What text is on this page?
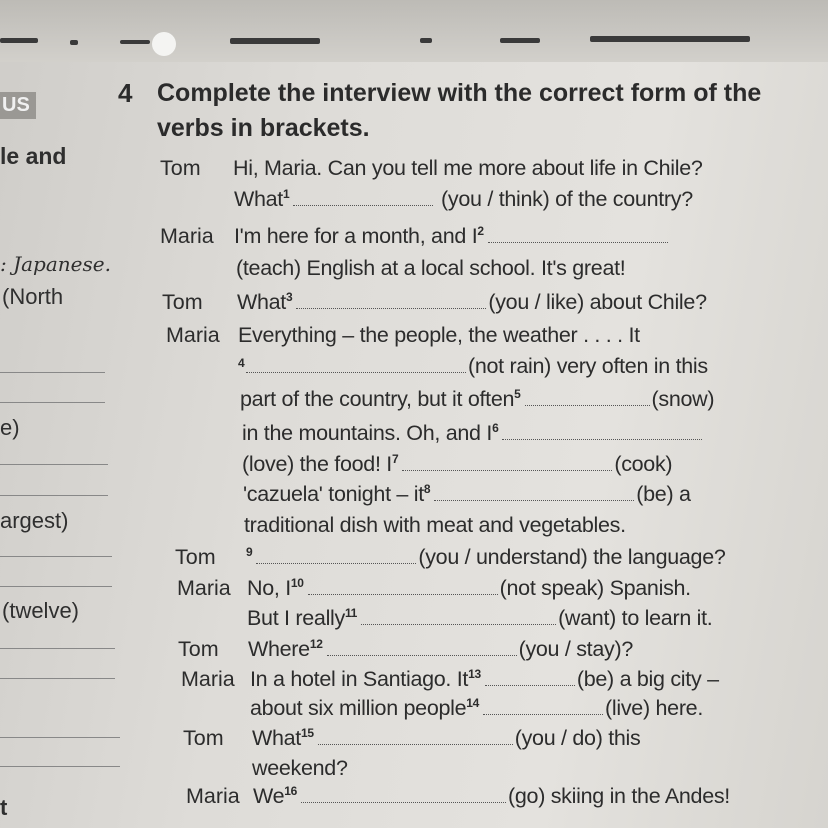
US
le and
: Japanese.
(North
e)
argest)
(twelve)
t
4 Complete the interview with the correct form of the
verbs in brackets.
Tom Hi, Maria. Can you tell me more about life in Chile?
What$^1$	(you / think) of the country?
Maria I'm here for a month, and $I^2$
(teach) English at a local school. It's great!
Tom What$^3$	(you / like) about Chile?
Maria Everything – the people, the weather . . . . It
4	(not rain) very often in this
part of the country, but it often$^5$	(snow)
in the mountains. Oh, and $I^6$
(love) the food! $I^7$	(cook)
'cazuela' tonight – $it^8$	(be) a
traditional dish with meat and vegetables.
Tom	$^9$	(you / understand) the language?
Maria No, $I^{10}$	(not speak) Spanish.
But I really$^{11}$	(want) to learn it.
Tom Where$^{12}$	(you / stay)?
Maria In a hotel in Santiago. It$^{13}$	(be) a big city –
about six million people$^{14}$	(live) here.
Tom What$^{15}$	(you / do) this
weekend?
Maria We$^{16}$	(go) skiing in the Andes!
